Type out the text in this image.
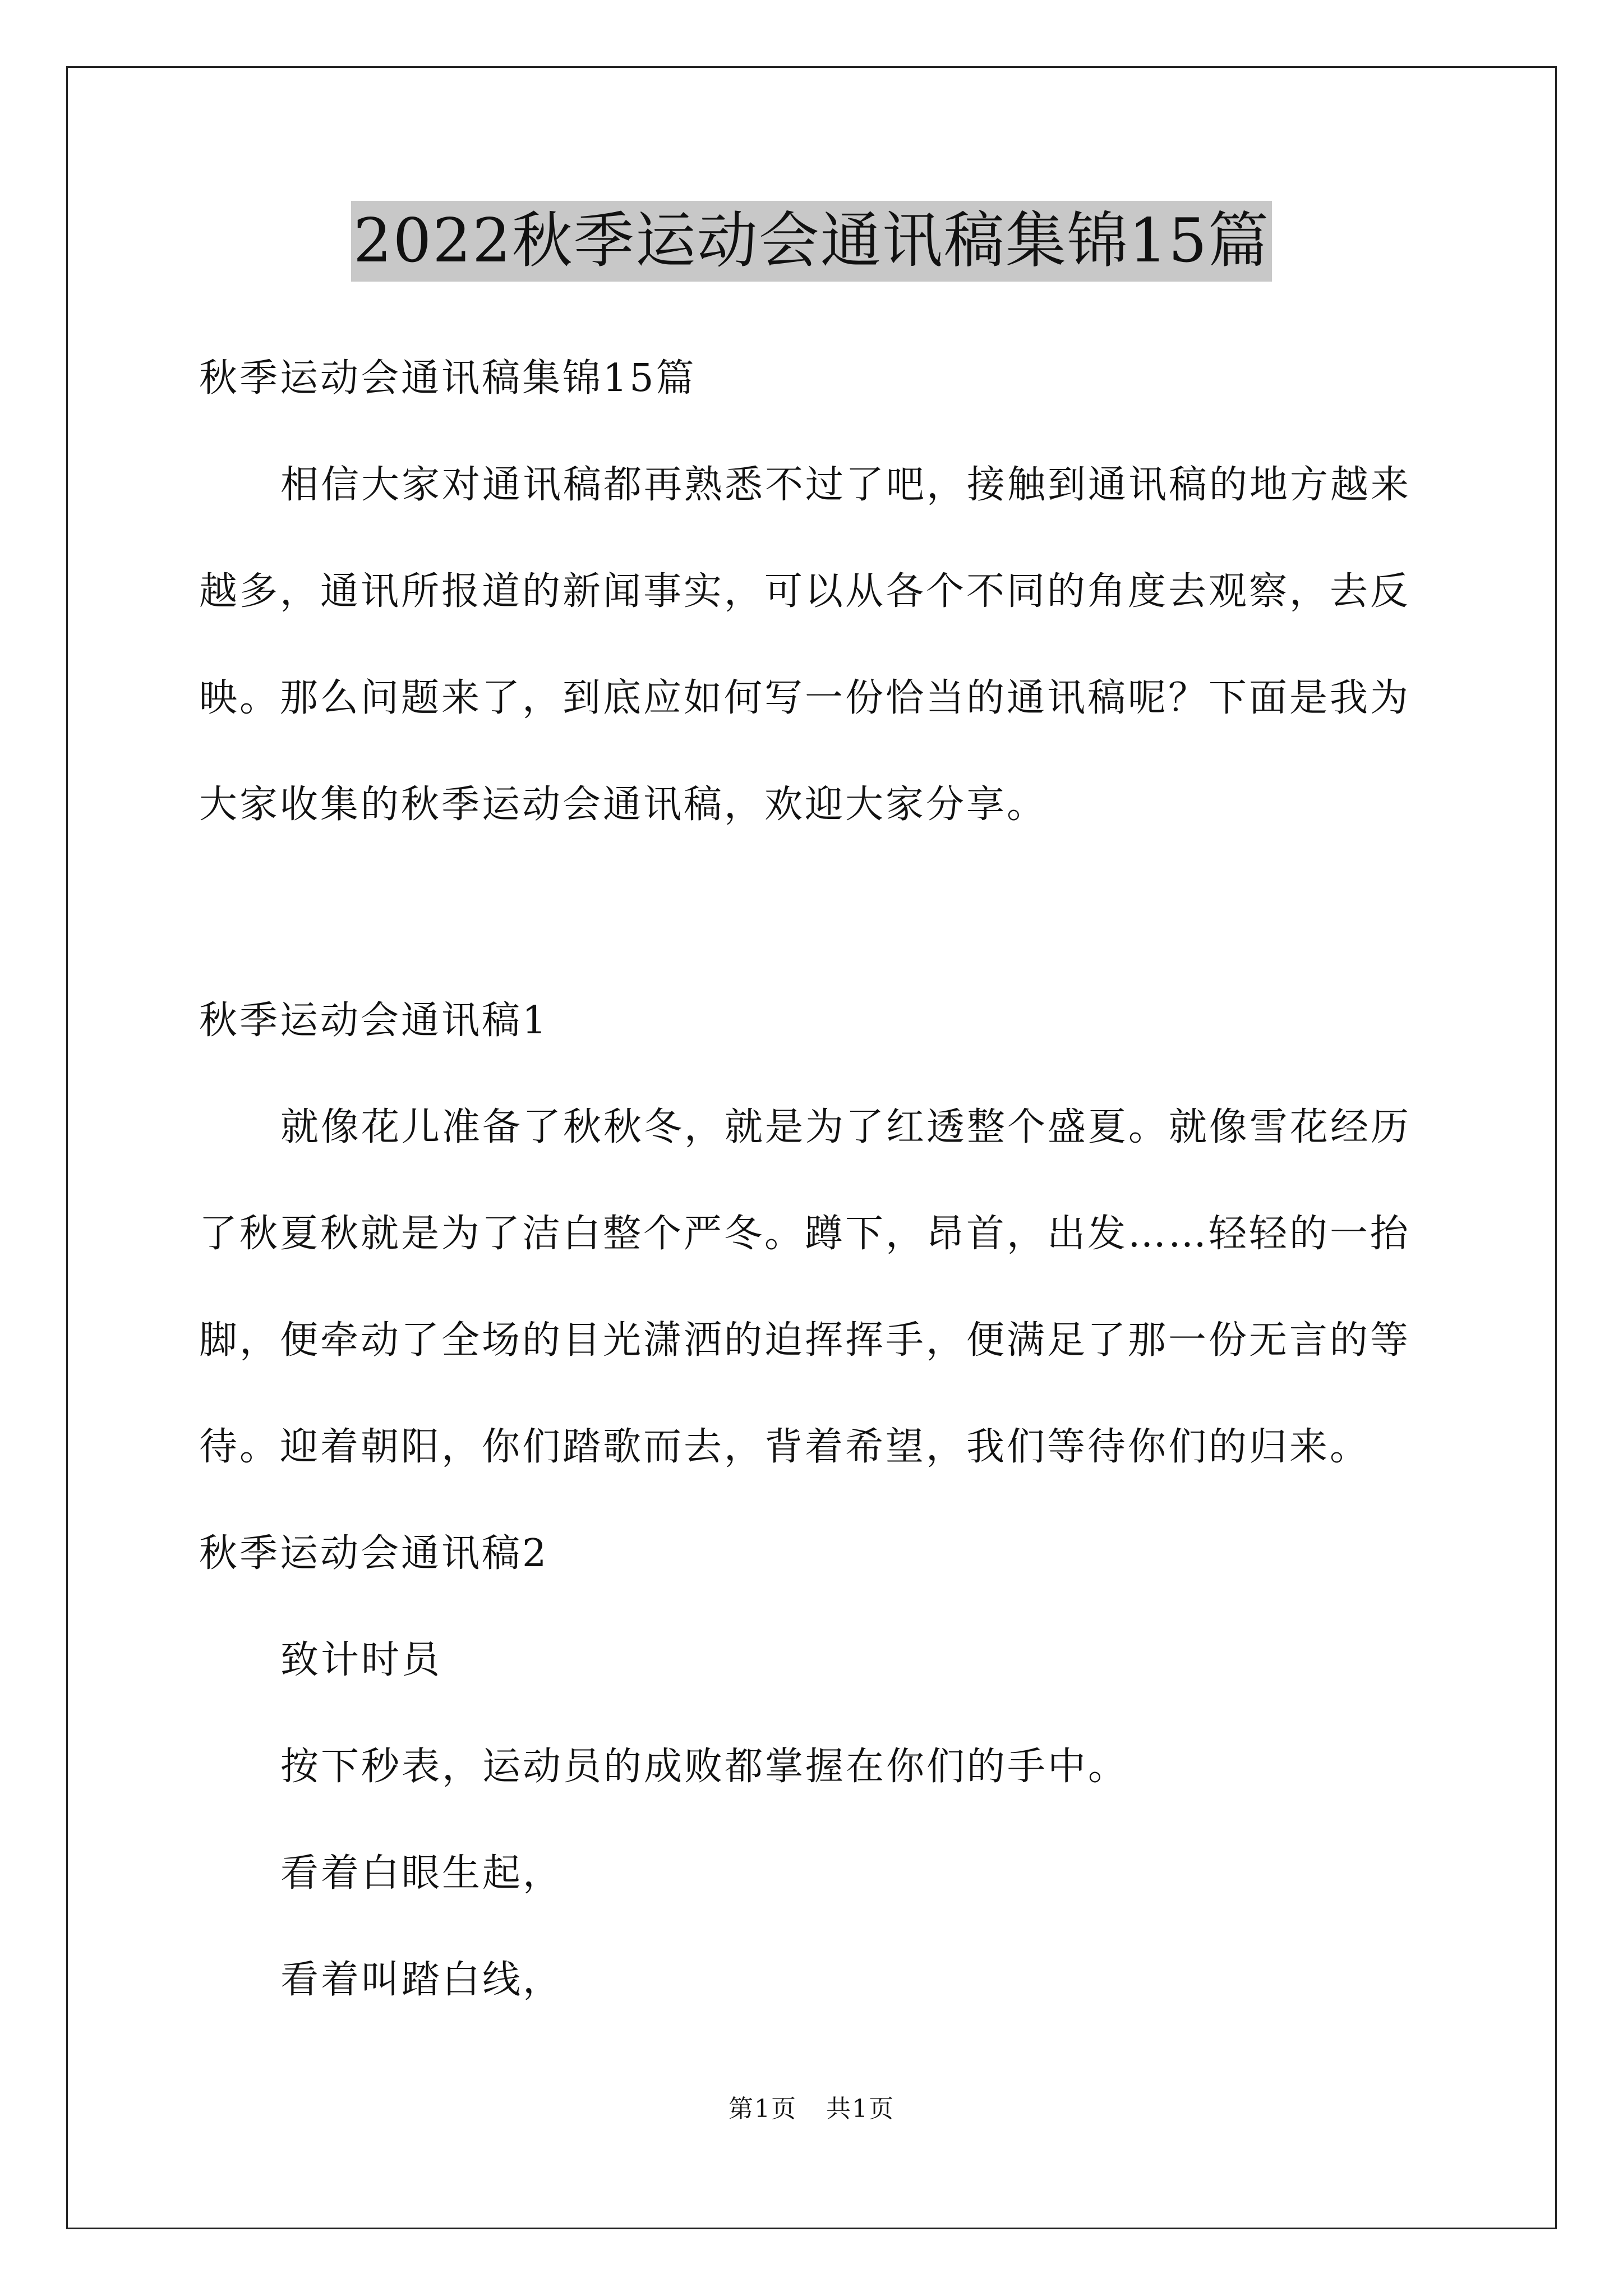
2022秋季运动会通讯稿集锦15篇
秋季运动会通讯稿集锦15篇
相信大家对通讯稿都再熟悉不过了吧，接触到通讯稿的地方越来
越多，通讯所报道的新闻事实，可以从各个不同的角度去观察，去反
映。那么问题来了，到底应如何写一份恰当的通讯稿呢？下面是我为
大家收集的秋季运动会通讯稿，欢迎大家分享。
秋季运动会通讯稿1
就像花儿准备了秋秋冬，就是为了红透整个盛夏。就像雪花经历
了秋夏秋就是为了洁白整个严冬。蹲下，昂首，出发……轻轻的一抬
脚，便牵动了全场的目光潇洒的迫挥挥手，便满足了那一份无言的等
待。迎着朝阳，你们踏歌而去，背着希望，我们等待你们的归来。
秋季运动会通讯稿2
致计时员
按下秒表，运动员的成败都掌握在你们的手中。
看着白眼生起，
看着叫踏白线，
第1页 共1页
